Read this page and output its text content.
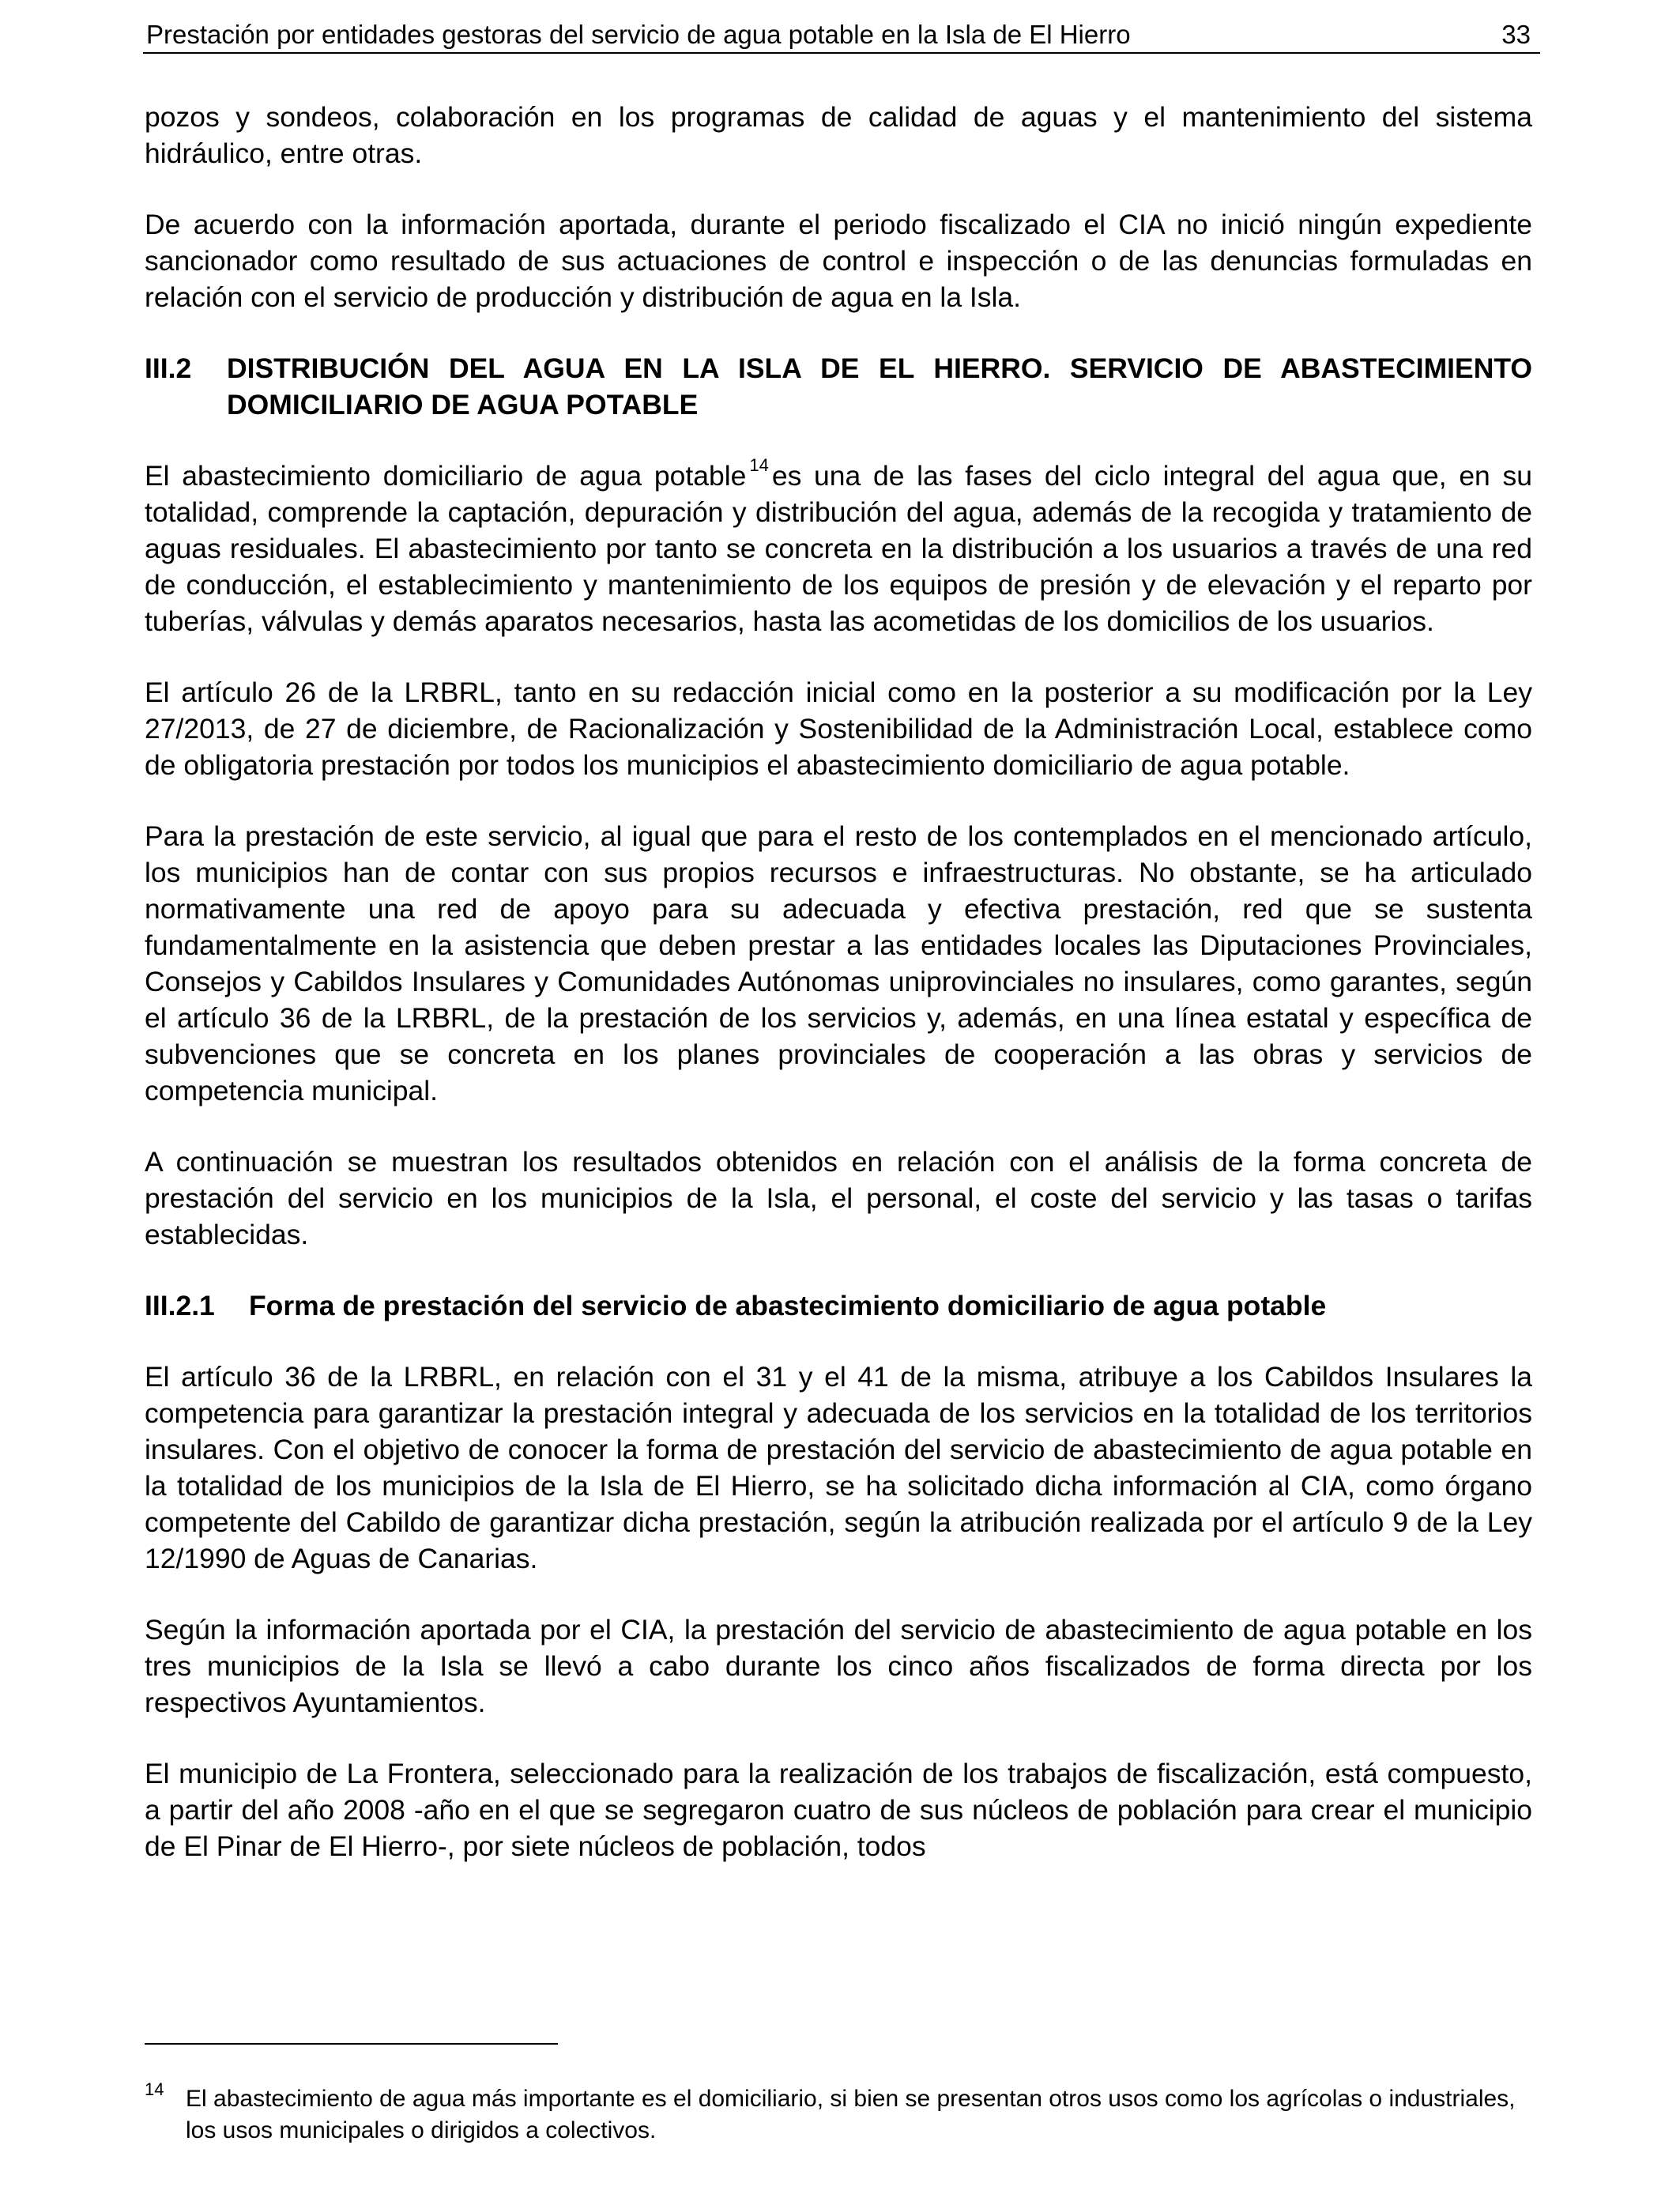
Prestación por entidades gestoras del servicio de agua potable en la Isla de El Hierro	33

pozos y sondeos, colaboración en los programas de calidad de aguas y el mantenimiento del sistema hidráulico, entre otras.

De acuerdo con la información aportada, durante el periodo fiscalizado el CIA no inició ningún expediente sancionador como resultado de sus actuaciones de control e inspección o de las denuncias formuladas en relación con el servicio de producción y distribución de agua en la Isla.

III.2	DISTRIBUCIÓN DEL AGUA EN LA ISLA DE EL HIERRO. SERVICIO DE ABASTECIMIENTO DOMICILIARIO DE AGUA POTABLE

El abastecimiento domiciliario de agua potable $^{14}$ es una de las fases del ciclo integral del agua que, en su totalidad, comprende la captación, depuración y distribución del agua, además de la recogida y tratamiento de aguas residuales. El abastecimiento por tanto se concreta en la distribución a los usuarios a través de una red de conducción, el establecimiento y mantenimiento de los equipos de presión y de elevación y el reparto por tuberías, válvulas y demás aparatos necesarios, hasta las acometidas de los domicilios de los usuarios.

El artículo 26 de la LRBRL, tanto en su redacción inicial como en la posterior a su modificación por la Ley 27/2013, de 27 de diciembre, de Racionalización y Sostenibilidad de la Administración Local, establece como de obligatoria prestación por todos los municipios el abastecimiento domiciliario de agua potable.

Para la prestación de este servicio, al igual que para el resto de los contemplados en el mencionado artículo, los municipios han de contar con sus propios recursos e infraestructuras. No obstante, se ha articulado normativamente una red de apoyo para su adecuada y efectiva prestación, red que se sustenta fundamentalmente en la asistencia que deben prestar a las entidades locales las Diputaciones Provinciales, Consejos y Cabildos Insulares y Comunidades Autónomas uniprovinciales no insulares, como garantes, según el artículo 36 de la LRBRL, de la prestación de los servicios y, además, en una línea estatal y específica de subvenciones que se concreta en los planes provinciales de cooperación a las obras y servicios de competencia municipal.

A continuación se muestran los resultados obtenidos en relación con el análisis de la forma concreta de prestación del servicio en los municipios de la Isla, el personal, el coste del servicio y las tasas o tarifas establecidas.

III.2.1	Forma de prestación del servicio de abastecimiento domiciliario de agua potable

El artículo 36 de la LRBRL, en relación con el 31 y el 41 de la misma, atribuye a los Cabildos Insulares la competencia para garantizar la prestación integral y adecuada de los servicios en la totalidad de los territorios insulares. Con el objetivo de conocer la forma de prestación del servicio de abastecimiento de agua potable en la totalidad de los municipios de la Isla de El Hierro, se ha solicitado dicha información al CIA, como órgano competente del Cabildo de garantizar dicha prestación, según la atribución realizada por el artículo 9 de la Ley 12/1990 de Aguas de Canarias.

Según la información aportada por el CIA, la prestación del servicio de abastecimiento de agua potable en los tres municipios de la Isla se llevó a cabo durante los cinco años fiscalizados de forma directa por los respectivos Ayuntamientos.

El municipio de La Frontera, seleccionado para la realización de los trabajos de fiscalización, está compuesto, a partir del año 2008 -año en el que se segregaron cuatro de sus núcleos de población para crear el municipio de El Pinar de El Hierro-, por siete núcleos de población, todos

14 El abastecimiento de agua más importante es el domiciliario, si bien se presentan otros usos como los agrícolas o industriales, los usos municipales o dirigidos a colectivos.
